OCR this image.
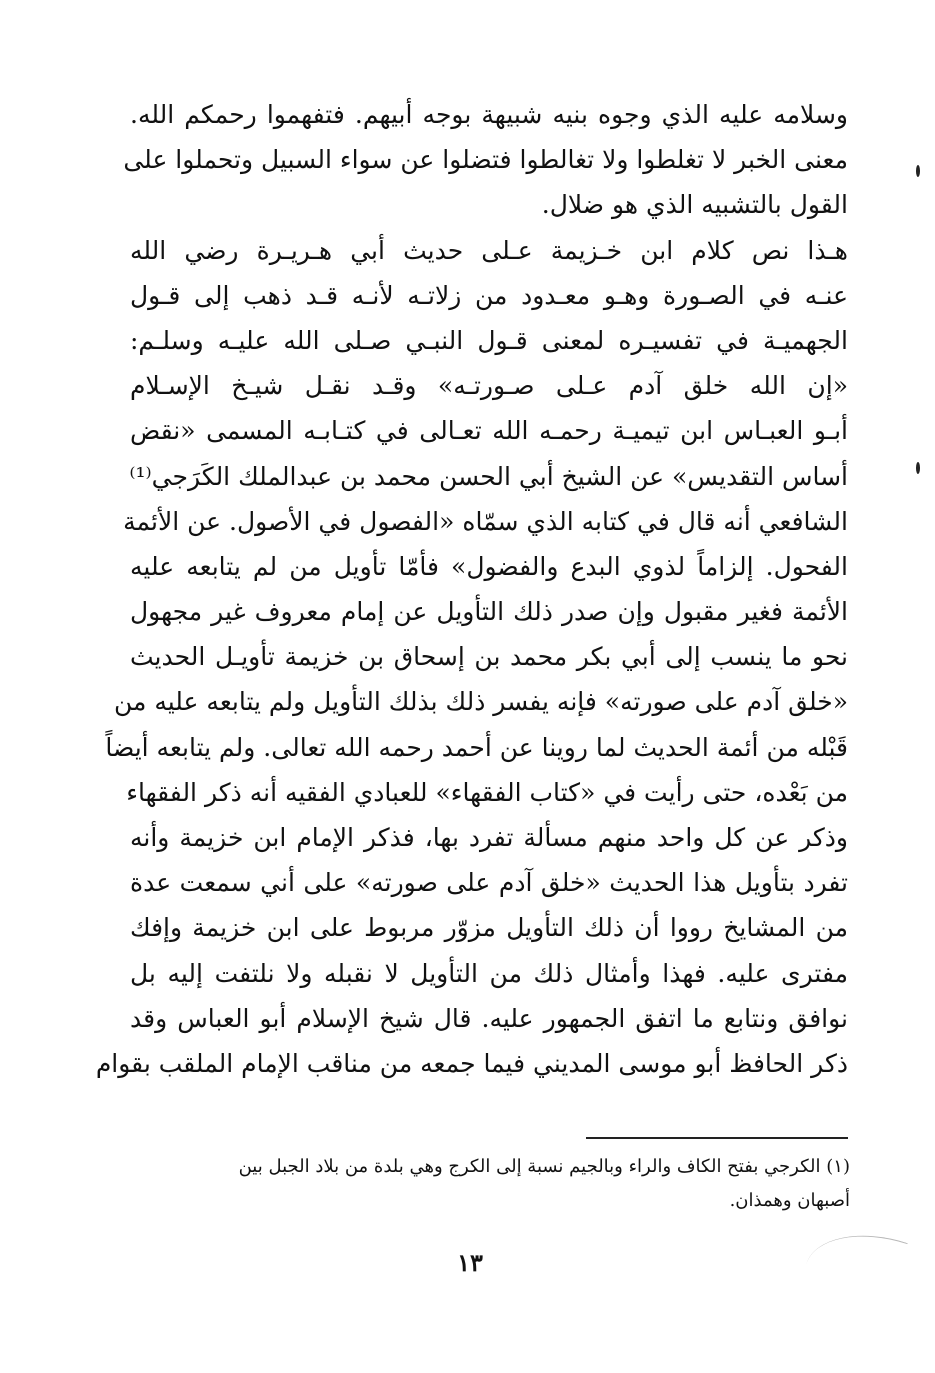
وسلامه عليه الذي وجوه بنيه شبيهة بوجه أبيهم. فتفهموا رحمكم الله.
معنى الخبر لا تغلطوا ولا تغالطوا فتضلوا عن سواء السبيل وتحملوا على
القول بالتشبيه الذي هو ضلال.
هـذا نص كلام ابن خـزيمة عـلى حديث أبي هـريـرة رضي الله
عنـه في الصـورة وهـو معـدود من زلاتـه لأنـه قـد ذهب إلى قـول
الجهميـة في تفسيـره لمعنى قـول النبـي صـلى الله عليـه وسلـم:
«إن الله خلق آدم عـلى صـورتـه» وقـد نقـل شيـخ الإسـلام
أبـو العبـاس ابن تيميـة رحمـه الله تعـالى في كتـابـه المسمى «نقض
أساس التقديس» عن الشيخ أبي الحسن محمد بن عبدالملك الكَرَجي⁽¹⁾
الشافعي أنه قال في كتابه الذي سمّاه «الفصول في الأصول. عن الأئمة
الفحول. إلزاماً لذوي البدع والفضول» فأمّا تأويل من لم يتابعه عليه
الأئمة فغير مقبول وإن صدر ذلك التأويل عن إمام معروف غير مجهول
نحو ما ينسب إلى أبي بكر محمد بن إسحاق بن خزيمة تأويـل الحديث
«خلق آدم على صورته» فإنه يفسر ذلك بذلك التأويل ولم يتابعه عليه من
قَبْله من أئمة الحديث لما روينا عن أحمد رحمه الله تعالى. ولم يتابعه أيضاً
من بَعْده، حتى رأيت في «كتاب الفقهاء» للعبادي الفقيه أنه ذكر الفقهاء
وذكر عن كل واحد منهم مسألة تفرد بها، فذكر الإمام ابن خزيمة وأنه
تفرد بتأويل هذا الحديث «خلق آدم على صورته» على أني سمعت عدة
من المشايخ رووا أن ذلك التأويل مزوّر مربوط على ابن خزيمة وإفك
مفترى عليه. فهذا وأمثال ذلك من التأويل لا نقبله ولا نلتفت إليه بل
نوافق ونتابع ما اتفق الجمهور عليه. قال شيخ الإسلام أبو العباس وقد
ذكر الحافظ أبو موسى المديني فيما جمعه من مناقب الإمام الملقب بقوام
(١) الكرجي بفتح الكاف والراء وبالجيم نسبة إلى الكرج وهي بلدة من بلاد الجبل بين
أصبهان وهمذان.
١٣
